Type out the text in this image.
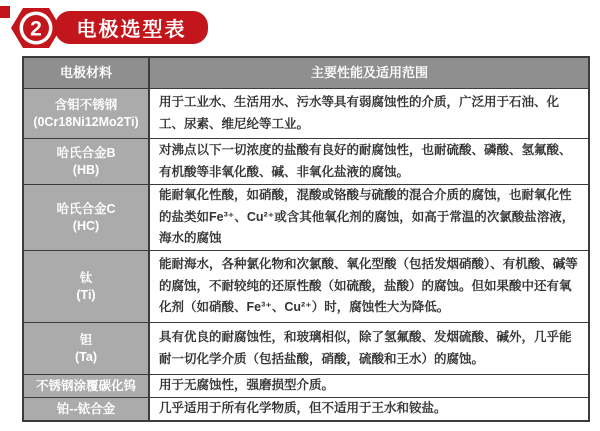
2 电极选型表
电极材料	主要性能及适用范围
含钼不锈钢
(0Cr18Ni12Mo2Ti)
用于工业水、生活用水、污水等具有弱腐蚀性的介质，广泛用于石油、化工、尿素、维尼纶等工业。
哈氏合金B
(HB)
对沸点以下一切浓度的盐酸有良好的耐腐蚀性，也耐硫酸、磷酸、氢氟酸、有机酸等非氧化酸、碱、非氧化盐液的腐蚀。
哈氏合金C
(HC)
能耐氧化性酸，如硝酸，混酸或铬酸与硫酸的混合介质的腐蚀，也耐氧化性的盐类如Fe³⁺、Cu²⁺或含其他氧化剂的腐蚀，如高于常温的次氯酸盐溶液，海水的腐蚀
钛
(Ti)
能耐海水，各种氯化物和次氯酸、氧化型酸（包括发烟硝酸）、有机酸、碱等的腐蚀，不耐较纯的还原性酸（如硫酸，盐酸）的腐蚀。但如果酸中还有氧化剂（如硝酸、Fe³⁺、Cu²⁺）时，腐蚀性大为降低。
钽
(Ta)
具有优良的耐腐蚀性，和玻璃相似，除了氢氟酸、发烟硫酸、碱外，几乎能耐一切化学介质（包括盐酸，硝酸，硫酸和王水）的腐蚀。
不锈钢涂覆碳化钨 用于无腐蚀性，强磨损型介质。
铂--铱合金	几乎适用于所有化学物质，但不适用于王水和铵盐。
